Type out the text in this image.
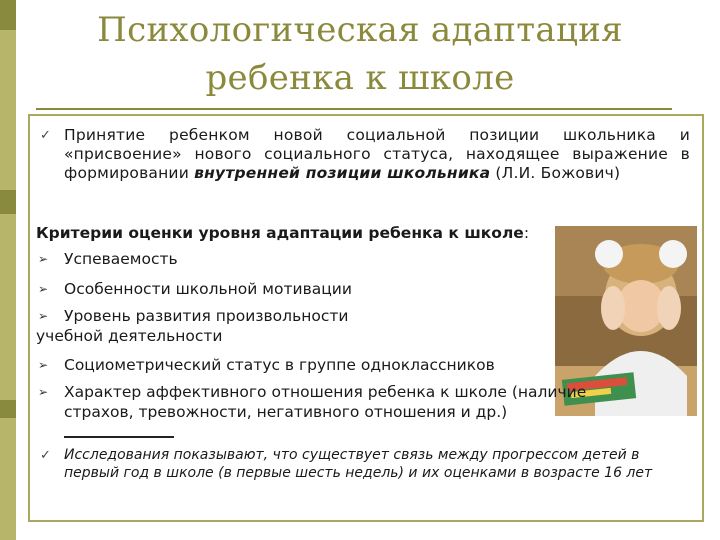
Психологическая адаптация
ребенка к школе
✓ Принятие ребенком новой социальной позиции школьника и «присвоение» нового социального статуса, находящее выражение в формировании внутренней позиции школьника (Л.И. Божович)
Критерии оценки уровня адаптации ребенка к школе:
➢ Успеваемость
➢ Особенности школьной мотивации
➢ Уровень развития произвольности
учебной деятельности
➢ Социометрический статус в группе одноклассников
➢ Характер аффективного отношения ребенка к школе (наличие
страхов, тревожности, негативного отношения и др.)
✓ Исследования показывают, что существует связь между прогрессом детей в первый год в школе (в первые шесть недель) и их оценками в возрасте 16 лет
